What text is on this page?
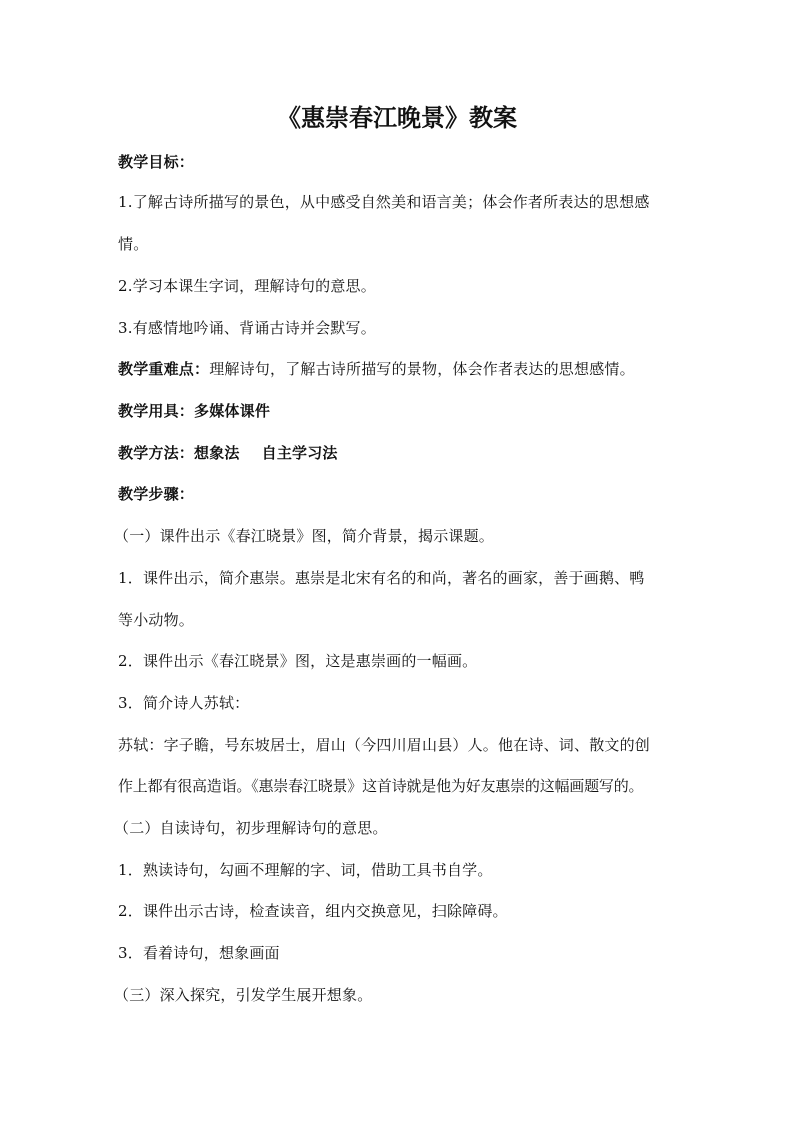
《惠崇春江晚景》教案
教学目标：
1.了解古诗所描写的景色，从中感受自然美和语言美；体会作者所表达的思想感
情。
2.学习本课生字词，理解诗句的意思。
3.有感情地吟诵、背诵古诗并会默写。
教学重难点：理解诗句，了解古诗所描写的景物，体会作者表达的思想感情。
教学用具：多媒体课件
教学方法：想象法 自主学习法
教学步骤：
（一）课件出示《春江晓景》图，简介背景，揭示课题。
1．课件出示，简介惠崇。惠崇是北宋有名的和尚，著名的画家，善于画鹅、鸭
等小动物。
2．课件出示《春江晓景》图，这是惠崇画的一幅画。
3．简介诗人苏轼：
苏轼：字子瞻，号东坡居士，眉山（今四川眉山县）人。他在诗、词、散文的创
作上都有很高造诣。《惠崇春江晓景》这首诗就是他为好友惠崇的这幅画题写的。
（二）自读诗句，初步理解诗句的意思。
1．熟读诗句，勾画不理解的字、词，借助工具书自学。
2．课件出示古诗，检查读音，组内交换意见，扫除障碍。
3．看着诗句，想象画面
（三）深入探究，引发学生展开想象。
